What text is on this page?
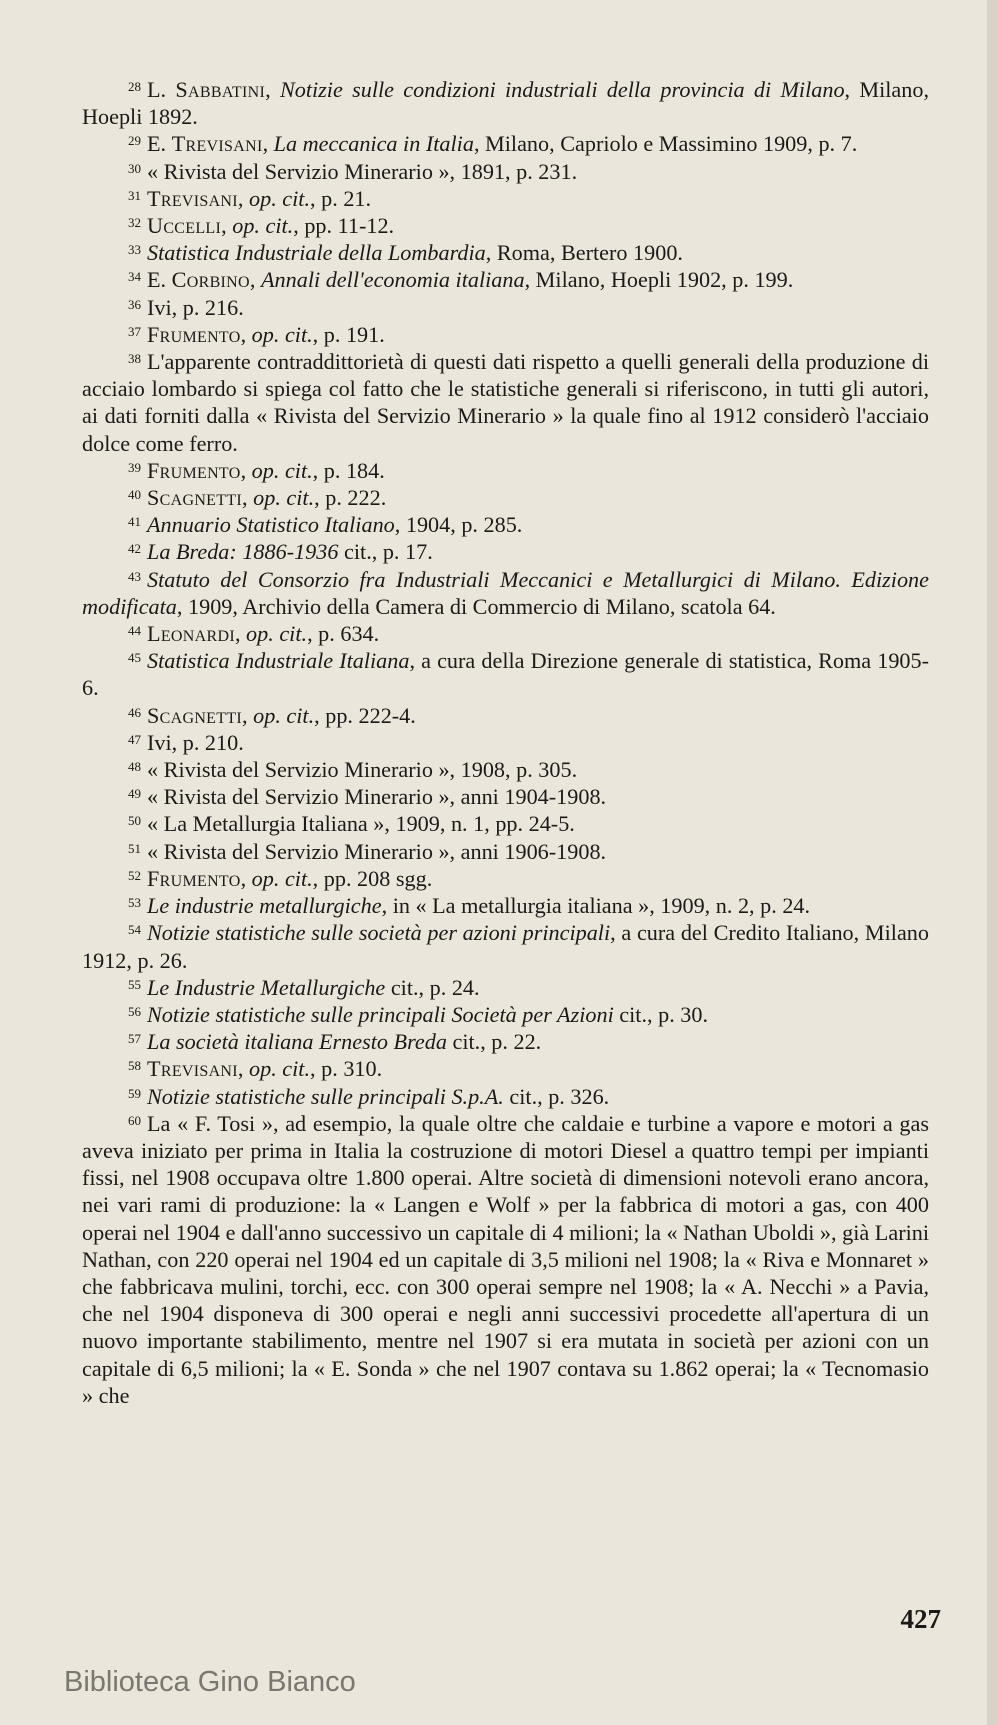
$^{28}$ L. Sabbatini, Notizie sulle condizioni industriali della provincia di Milano, Milano, Hoepli 1892.

$^{29}$ E. Trevisani, La meccanica in Italia, Milano, Capriolo e Massimino 1909, p. 7.

$^{30}$ « Rivista del Servizio Minerario », 1891, p. 231.

$^{31}$ Trevisani, op. cit., p. 21.

$^{32}$ Uccelli, op. cit., pp. 11-12.

$^{33}$ Statistica Industriale della Lombardia, Roma, Bertero 1900.

$^{34}$ E. Corbino, Annali dell'economia italiana, Milano, Hoepli 1902, p. 199.

$^{36}$ Ivi, p. 216.

$^{37}$ Frumento, op. cit., p. 191.

$^{38}$ L'apparente contraddittorietà di questi dati rispetto a quelli generali della produzione di acciaio lombardo si spiega col fatto che le statistiche generali si riferiscono, in tutti gli autori, ai dati forniti dalla « Rivista del Servizio Minerario » la quale fino al 1912 considerò l'acciaio dolce come ferro.

$^{39}$ Frumento, op. cit., p. 184.

$^{40}$ Scagnetti, op. cit., p. 222.

$^{41}$ Annuario Statistico Italiano, 1904, p. 285.

$^{42}$ La Breda: 1886-1936 cit., p. 17.

$^{43}$ Statuto del Consorzio fra Industriali Meccanici e Metallurgici di Milano. Edizione modificata, 1909, Archivio della Camera di Commercio di Milano, scatola 64.

$^{44}$ Leonardi, op. cit., p. 634.

$^{45}$ Statistica Industriale Italiana, a cura della Direzione generale di statistica, Roma 1905-6.

$^{46}$ Scagnetti, op. cit., pp. 222-4.

$^{47}$ Ivi, p. 210.

$^{48}$ « Rivista del Servizio Minerario », 1908, p. 305.

$^{49}$ « Rivista del Servizio Minerario », anni 1904-1908.

$^{50}$ « La Metallurgia Italiana », 1909, n. 1, pp. 24-5.

$^{51}$ « Rivista del Servizio Minerario », anni 1906-1908.

$^{52}$ Frumento, op. cit., pp. 208 sgg.

$^{53}$ Le industrie metallurgiche, in « La metallurgia italiana », 1909, n. 2, p. 24.

$^{54}$ Notizie statistiche sulle società per azioni principali, a cura del Credito Italiano, Milano 1912, p. 26.

$^{55}$ Le Industrie Metallurgiche cit., p. 24.

$^{56}$ Notizie statistiche sulle principali Società per Azioni cit., p. 30.

$^{57}$ La società italiana Ernesto Breda cit., p. 22.

$^{58}$ Trevisani, op. cit., p. 310.

$^{59}$ Notizie statistiche sulle principali S.p.A. cit., p. 326.

$^{60}$ La « F. Tosi », ad esempio, la quale oltre che caldaie e turbine a vapore e motori a gas aveva iniziato per prima in Italia la costruzione di motori Diesel a quattro tempi per impianti fissi, nel 1908 occupava oltre 1.800 operai. Altre società di dimensioni notevoli erano ancora, nei vari rami di produzione: la « Langen e Wolf » per la fabbrica di motori a gas, con 400 operai nel 1904 e dall'anno successivo un capitale di 4 milioni; la « Nathan Uboldi », già Larini Nathan, con 220 operai nel 1904 ed un capitale di 3,5 milioni nel 1908; la « Riva e Monnaret » che fabbricava mulini, torchi, ecc. con 300 operai sempre nel 1908; la « A. Necchi » a Pavia, che nel 1904 disponeva di 300 operai e negli anni successivi procedette all'apertura di un nuovo importante stabilimento, mentre nel 1907 si era mutata in società per azioni con un capitale di 6,5 milioni; la « E. Sonda » che nel 1907 contava su 1.862 operai; la « Tecnomasio » che

427
Biblioteca Gino Bianco
